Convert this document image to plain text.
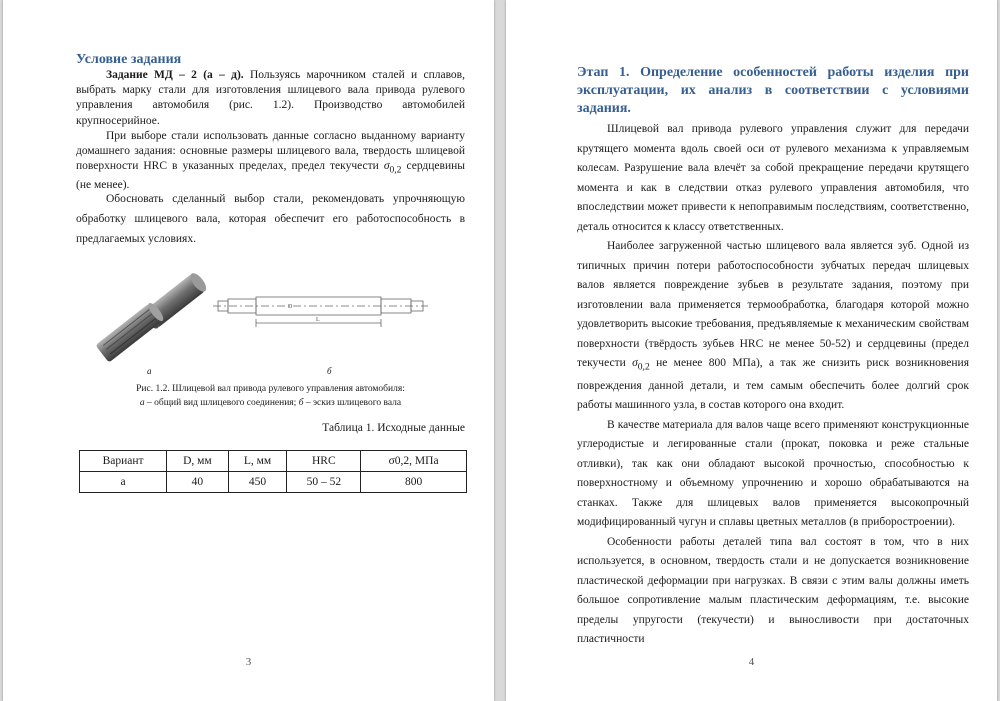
Условие задания

Задание МД – 2 (а – д). Пользуясь марочником сталей и сплавов, выбрать марку стали для изготовления шлицевого вала привода рулевого управления автомобиля (рис. 1.2). Производство автомобилей крупносерийное.

При выборе стали использовать данные согласно выданному варианту домашнего задания: основные размеры шлицевого вала, твердость шлицевой поверхности HRC в указанных пределах, предел текучести $\sigma_{0,2}$ сердцевины (не менее).

Обосновать сделанный выбор стали, рекомендовать упрочняющую обработку шлицевого вала, которая обеспечит его работоспособность в предлагаемых условиях.

D
L
а	б
Рис. 1.2. Шлицевой вал привода рулевого управления автомобиля:
а – общий вид шлицевого соединения; б – эскиз шлицевого вала
Таблица 1. Исходные данные
Вариант	D, мм	L, мм	HRC	σ0,2, МПа
а	40	450	50 – 52	800
3
Этап 1. Определение особенностей работы изделия при эксплуатации, их анализ в соответствии с условиями задания.

Шлицевой вал привода рулевого управления служит для передачи крутящего момента вдоль своей оси от рулевого механизма к управляемым колесам. Разрушение вала влечёт за собой прекращение передачи крутящего момента и как в следствии отказ рулевого управления автомобиля, что впоследствии может привести к непоправимым последствиям, соответственно, деталь относится к классу ответственных.

Наиболее загруженной частью шлицевого вала является зуб. Одной из типичных причин потери работоспособности зубчатых передач шлицевых валов является повреждение зубьев в результате задания, поэтому при изготовлении вала применяется термообработка, благодаря которой можно удовлетворить высокие требования, предъявляемые к механическим свойствам поверхности (твёрдость зубьев HRC не менее 50-52) и сердцевины (предел текучести $\sigma_{0,2}$ не менее 800 МПа), а так же снизить риск возникновения повреждения данной детали, и тем самым обеспечить более долгий срок работы машинного узла, в состав которого она входит.

В качестве материала для валов чаще всего применяют конструкционные углеродистые и легированные стали (прокат, поковка и реже стальные отливки), так как они обладают высокой прочностью, способностью к поверхностному и объемному упрочнению и хорошо обрабатываются на станках. Также для шлицевых валов применяется высокопрочный модифицированный чугун и сплавы цветных металлов (в приборостроении).

Особенности работы деталей типа вал состоят в том, что в них используется, в основном, твердость стали и не допускается возникновение пластической деформации при нагрузках. В связи с этим валы должны иметь большое сопротивление малым пластическим деформациям, т.е. высокие пределы упругости (текучести) и выносливости при достаточных пластичности

4
